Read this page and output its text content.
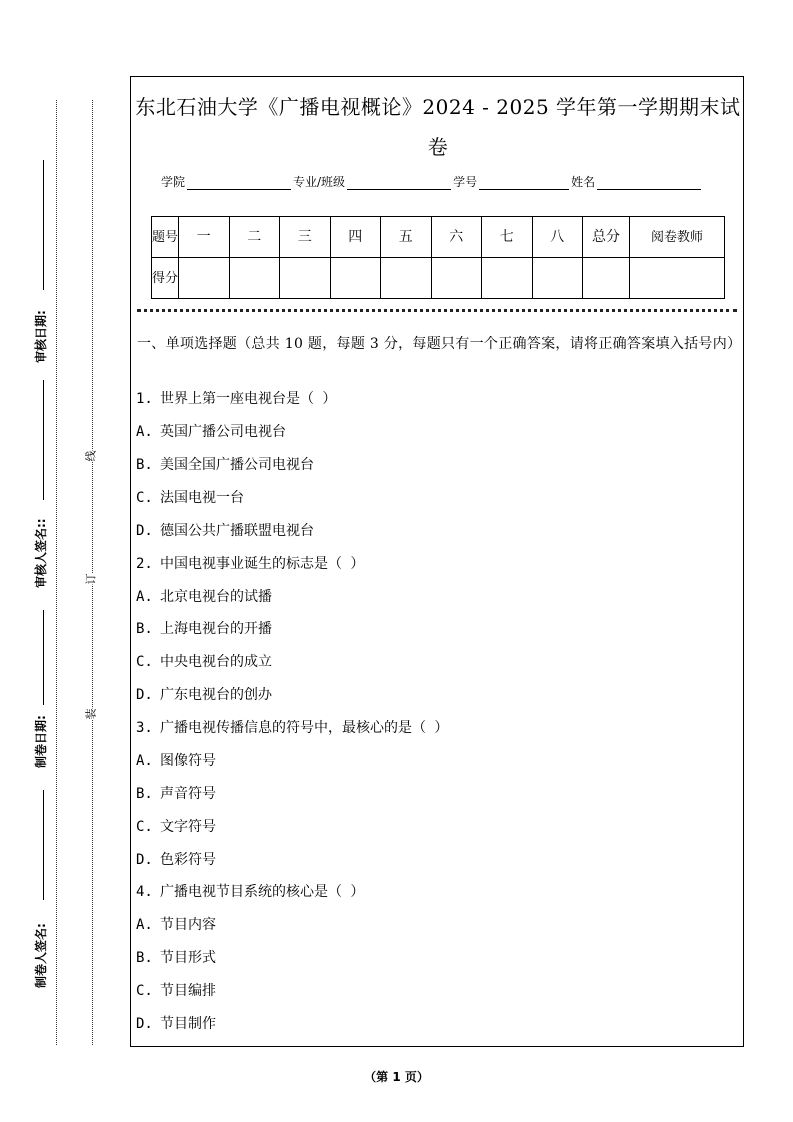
审核日期:
审核人签名::
制卷日期:
制卷人签名:
线
订
装
东北石油大学《广播电视概论》2024 - 2025 学年第一学期期末试
卷
学院	专业/班级	学号	姓名
题号	一	二	三	四	五	六	七	八	总分	阅卷教师
得分										
一、单项选择题（总共 10 题，每题 3 分，每题只有一个正确答案，请将正确答案填入括号内）
1. 世界上第一座电视台是（ ）
A. 英国广播公司电视台
B. 美国全国广播公司电视台
C. 法国电视一台
D. 德国公共广播联盟电视台
2. 中国电视事业诞生的标志是（ ）
A. 北京电视台的试播
B. 上海电视台的开播
C. 中央电视台的成立
D. 广东电视台的创办
3. 广播电视传播信息的符号中，最核心的是（ ）
A. 图像符号
B. 声音符号
C. 文字符号
D. 色彩符号
4. 广播电视节目系统的核心是（ ）
A. 节目内容
B. 节目形式
C. 节目编排
D. 节目制作
（第 1 页）
